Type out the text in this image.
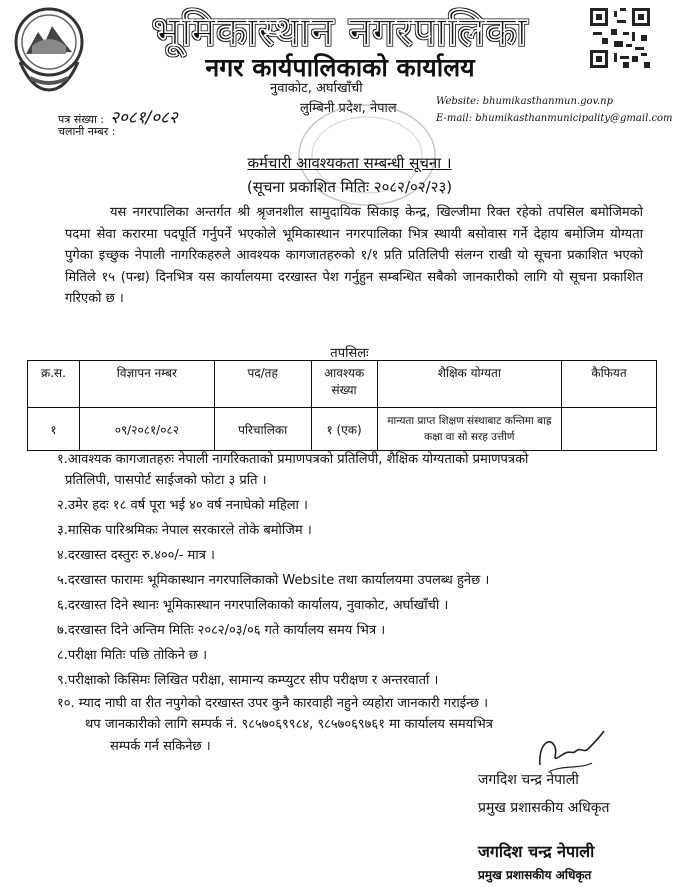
भूमिकास्थान नगरपालिका
नगर कार्यपालिकाको कार्यालय
नुवाकोट, अर्घाखाँची
लुम्बिनी प्रदेश, नेपाल	Website: bhumikasthanmun.gov.np
E-mail: bhumikasthanmunicipality@gmail.com
पत्र संख्या : २०८१/०८२
चलानी नम्बर :
कर्मचारी आवश्यकता सम्बन्धी सूचना ।
(सूचना प्रकाशित मितिः २०८२/०२/२३)
यस नगरपालिका अन्तर्गत श्री श्रृजनशील सामुदायिक सिकाइ केन्द्र, खिल्जीमा रिक्त रहेको तपसिल बमोजिमको पदमा सेवा करारमा पदपूर्ति गर्नुपर्ने भएकोले भूमिकास्थान नगरपालिका भित्र स्थायी बसोवास गर्ने देहाय बमोजिम योग्यता पुगेका इच्छुक नेपाली नागरिकहरुले आवश्यक कागजातहरुको १/१ प्रति प्रतिलिपी संलग्न राखी यो सूचना प्रकाशित भएको मितिले १५ (पन्ध्र) दिनभित्र यस कार्यालयमा दरखास्त पेश गर्नुहुन सम्बन्धित सबैको जानकारीको लागि यो सूचना प्रकाशित गरिएको छ ।
तपसिलः
क्र.स.	विज्ञापन नम्बर	पद/तह	आवश्यक संख्या	शैक्षिक योग्यता	कैफियत
१	०९/२०८१/०८२	परिचालिका	१ (एक)	मान्यता प्राप्त शिक्षण संस्थाबाट कन्तिमा बाह्र कक्षा वा सो सरह उत्तीर्ण	
१.आवश्यक कागजातहरुः नेपाली नागरिकताको प्रमाणपत्रको प्रतिलिपी, शैक्षिक योग्यताको प्रमाणपत्रको
प्रतिलिपी, पासपोर्ट साईजको फोटा ३ प्रति ।
२.उमेर हदः १८ वर्ष पूरा भई ४० वर्ष ननाघेको महिला ।
३.मासिक पारिश्रमिकः नेपाल सरकारले तोके बमोजिम ।
४.दरखास्त दस्तुरः रु.४००/- मात्र ।
५.दरखास्त फारामः भूमिकास्थान नगरपालिकाको Website तथा कार्यालयमा उपलब्ध हुनेछ ।
६.दरखास्त दिने स्थानः भूमिकास्थान नगरपालिकाको कार्यालय, नुवाकोट, अर्घाखाँची ।
७.दरखास्त दिने अन्तिम मितिः २०८२/०३/०६ गते कार्यालय समय भित्र ।
८.परीक्षा मितिः पछि तोकिने छ ।
९.परीक्षाको किसिमः लिखित परीक्षा, सामान्य कम्प्युटर सीप परीक्षण र अन्तरवार्ता ।
१०. म्याद नाघी वा रीत नपुगेको दरखास्त उपर कुनै कारवाही नहुने व्यहोरा जानकारी गराईन्छ ।
थप जानकारीको लागि सम्पर्क नं. ९८५७०६९९८४, ९८५७०६९७६१ मा कार्यालय समयभित्र
सम्पर्क गर्न सकिनेछ ।
जगदिश चन्द्र नेपाली
प्रमुख प्रशासकीय अधिकृत
जगदिश चन्द्र नेपाली
प्रमुख प्रशासकीय अधिकृत
